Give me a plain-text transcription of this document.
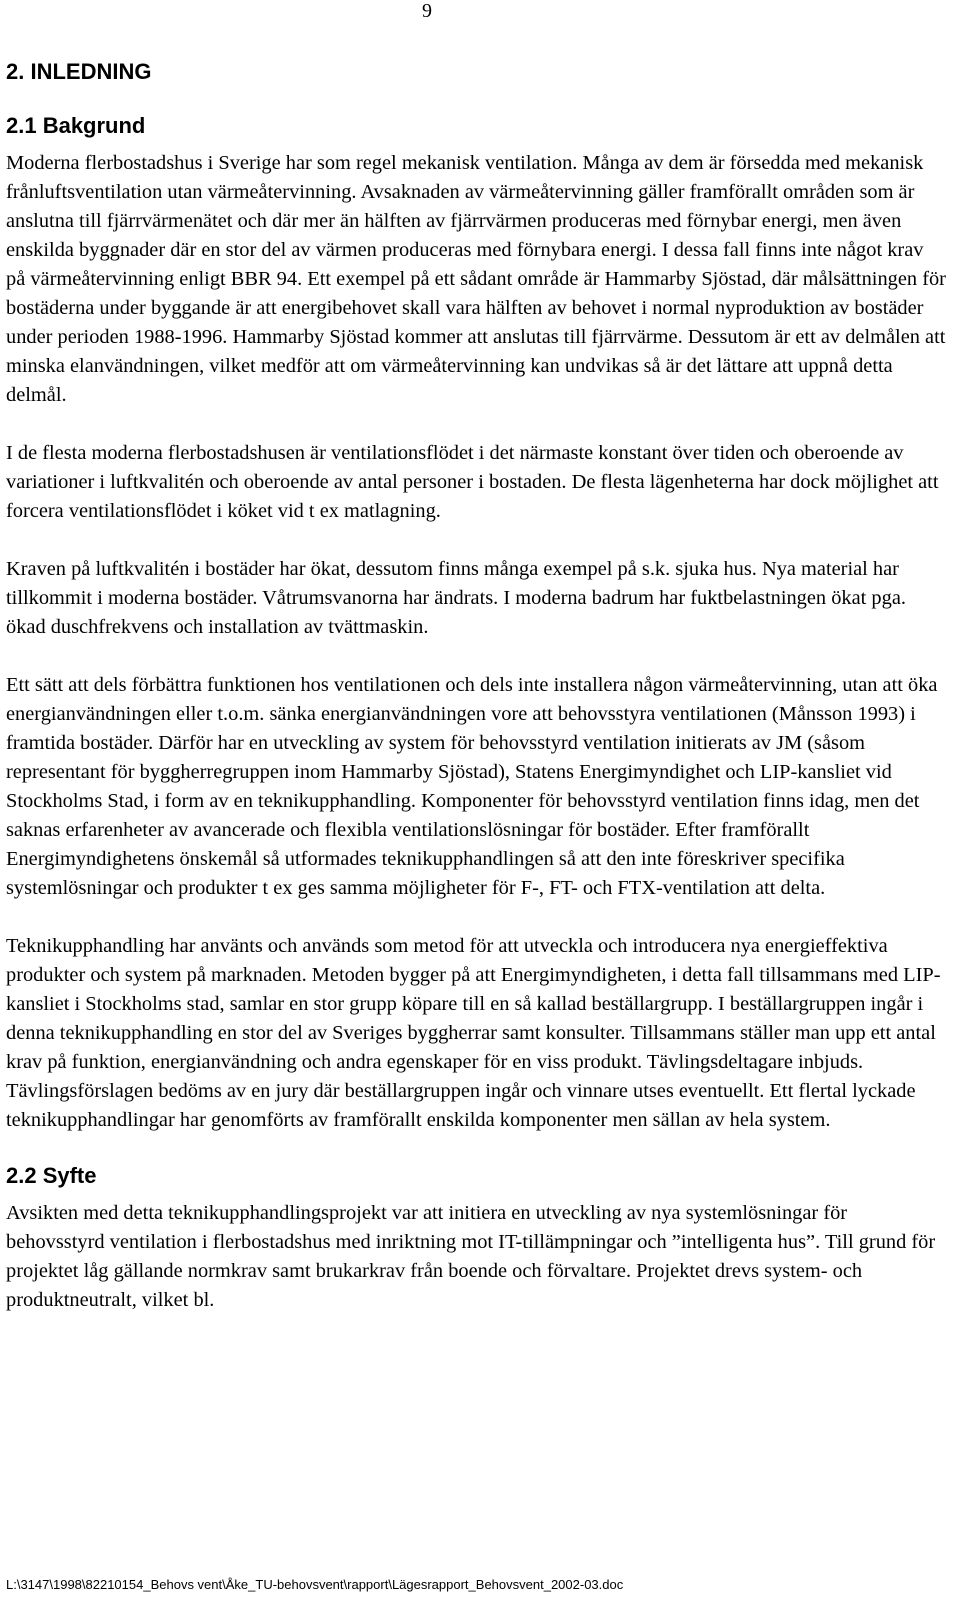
9
2. INLEDNING
2.1 Bakgrund

Moderna flerbostadshus i Sverige har som regel mekanisk ventilation. Många av dem är försedda med mekanisk frånluftsventilation utan värmeåtervinning. Avsaknaden av värmeåtervinning gäller framförallt områden som är anslutna till fjärrvärmenätet och där mer än hälften av fjärrvärmen produceras med förnybar energi, men även enskilda byggnader där en stor del av värmen produceras med förnybara energi. I dessa fall finns inte något krav på värmeåtervinning enligt BBR 94. Ett exempel på ett sådant område är Hammarby Sjöstad, där målsättningen för bostäderna under byggande är att energibehovet skall vara hälften av behovet i normal nyproduktion av bostäder under perioden 1988-1996. Hammarby Sjöstad kommer att anslutas till fjärrvärme. Dessutom är ett av delmålen att minska elanvändningen, vilket medför att om värmeåtervinning kan undvikas så är det lättare att uppnå detta delmål.

I de flesta moderna flerbostadshusen är ventilationsflödet i det närmaste konstant över tiden och oberoende av variationer i luftkvalitén och oberoende av antal personer i bostaden. De flesta lägenheterna har dock möjlighet att forcera ventilationsflödet i köket vid t ex matlagning.

Kraven på luftkvalitén i bostäder har ökat, dessutom finns många exempel på s.k. sjuka hus. Nya material har tillkommit i moderna bostäder. Våtrumsvanorna har ändrats. I moderna badrum har fuktbelastningen ökat pga. ökad duschfrekvens och installation av tvättmaskin.

Ett sätt att dels förbättra funktionen hos ventilationen och dels inte installera någon värmeåtervinning, utan att öka energianvändningen eller t.o.m. sänka energianvändningen vore att behovsstyra ventilationen (Månsson 1993) i framtida bostäder. Därför har en utveckling av system för behovsstyrd ventilation initierats av JM (såsom representant för byggherregruppen inom Hammarby Sjöstad), Statens Energimyndighet och LIP-kansliet vid Stockholms Stad, i form av en teknikupphandling. Komponenter för behovsstyrd ventilation finns idag, men det saknas erfarenheter av avancerade och flexibla ventilationslösningar för bostäder. Efter framförallt Energimyndighetens önskemål så utformades teknikupphandlingen så att den inte föreskriver specifika systemlösningar och produkter t ex ges samma möjligheter för F-, FT- och FTX-ventilation att delta.

Teknikupphandling har använts och används som metod för att utveckla och introducera nya energieffektiva produkter och system på marknaden. Metoden bygger på att Energimyndigheten, i detta fall tillsammans med LIP-kansliet i Stockholms stad, samlar en stor grupp köpare till en så kallad beställargrupp. I beställargruppen ingår i denna teknikupphandling en stor del av Sveriges byggherrar samt konsulter. Tillsammans ställer man upp ett antal krav på funktion, energianvändning och andra egenskaper för en viss produkt. Tävlingsdeltagare inbjuds. Tävlingsförslagen bedöms av en jury där beställargruppen ingår och vinnare utses eventuellt. Ett flertal lyckade teknikupphandlingar har genomförts av framförallt enskilda komponenter men sällan av hela system.

2.2 Syfte

Avsikten med detta teknikupphandlingsprojekt var att initiera en utveckling av nya systemlösningar för behovsstyrd ventilation i flerbostadshus med inriktning mot IT-tillämpningar och ”intelligenta hus”. Till grund för projektet låg gällande normkrav samt brukarkrav från boende och förvaltare. Projektet drevs system- och produktneutralt, vilket bl.

L:\3147\1998\82210154_Behovs vent\Åke_TU-behovsvent\rapport\Lägesrapport_Behovsvent_2002-03.doc
